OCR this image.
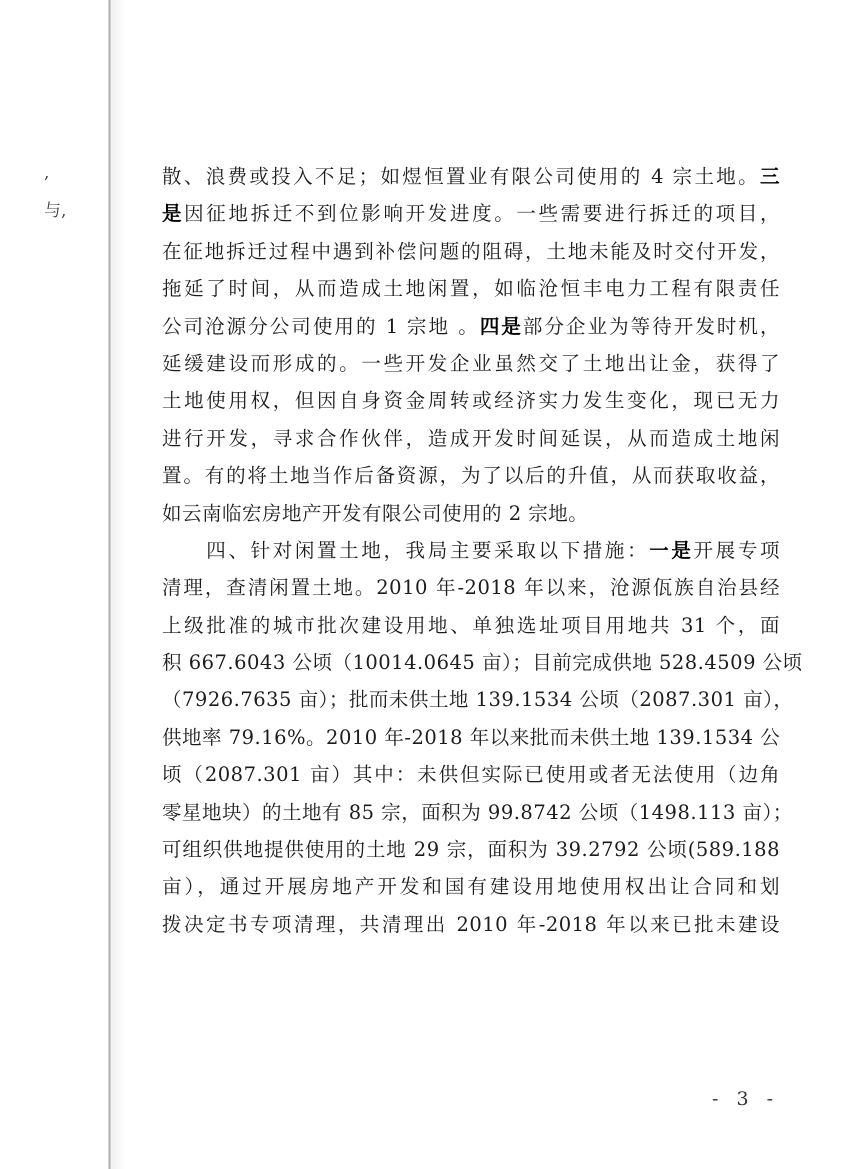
,
与,
散、浪费或投入不足；如煜恒置业有限公司使用的 4 宗土地。三
是因征地拆迁不到位影响开发进度。一些需要进行拆迁的项目，
在征地拆迁过程中遇到补偿问题的阻碍，土地未能及时交付开发，
拖延了时间，从而造成土地闲置，如临沧恒丰电力工程有限责任
公司沧源分公司使用的 1 宗地 。四是部分企业为等待开发时机，
延缓建设而形成的。一些开发企业虽然交了土地出让金，获得了
土地使用权，但因自身资金周转或经济实力发生变化，现已无力
进行开发，寻求合作伙伴，造成开发时间延误，从而造成土地闲
置。有的将土地当作后备资源，为了以后的升值，从而获取收益，
如云南临宏房地产开发有限公司使用的 2 宗地。
　　四、针对闲置土地，我局主要采取以下措施：一是开展专项
清理，查清闲置土地。2010 年-2018 年以来，沧源佤族自治县经
上级批准的城市批次建设用地、单独选址项目用地共 31 个，面
积 667.6043 公顷（10014.0645 亩）；目前完成供地 528.4509 公顷
（7926.7635 亩）；批而未供土地 139.1534 公顷（2087.301 亩），
供地率 79.16%。2010 年-2018 年以来批而未供土地 139.1534 公
顷（2087.301 亩）其中：未供但实际已使用或者无法使用（边角
零星地块）的土地有 85 宗，面积为 99.8742 公顷（1498.113 亩）；
可组织供地提供使用的土地 29 宗，面积为 39.2792 公顷(589.188
亩），通过开展房地产开发和国有建设用地使用权出让合同和划
拨决定书专项清理，共清理出 2010 年-2018 年以来已批未建设
- 3 -
